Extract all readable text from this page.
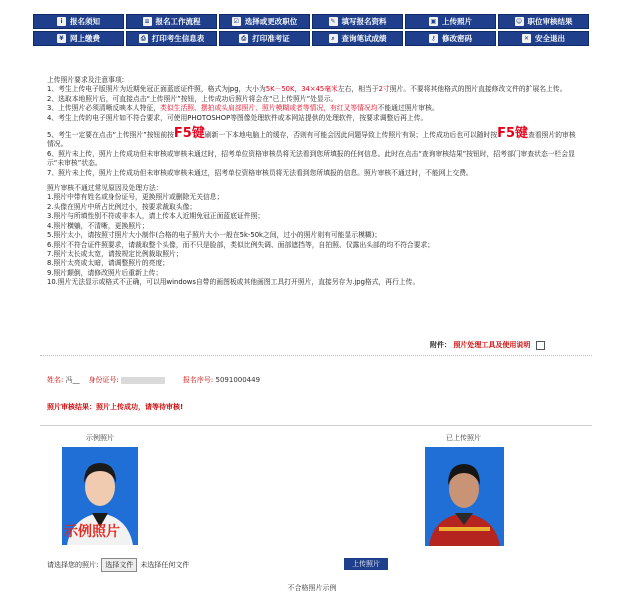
i 报名须知	≡ 报名工作流程	☑ 选择或更改职位	✎ 填写报名资料	▣ 上传照片	☺ 职位审核结果
¥ 网上缴费	⎙ 打印考生信息表	⎙ 打印准考证	⌕ 查询笔试成绩	⚷ 修改密码	✕ 安全退出

上传照片要求及注意事项:

1、考生上传电子版照片为近期免冠正面蓝底证件照，格式为jpg，大小为5K－50K，34×45毫米左右，相当于2寸照片。不要将其他格式的图片直接修改文件的扩展名上传。

2、选取本地照片后，可直接点击“上传照片”按钮，上传成功后照片将会在“已上传照片”处显示。

3、上传照片必须清晰反映本人特征，类似生活照、摆拍或头肩部照片、照片模糊或者等情况，有红叉等情况均不能通过照片审核。

4、考生上传的电子照片如不符合要求，可使用PHOTOSHOP等图像处理软件或本网站提供的处理软件，按要求调整后再上传。

5、考生一定要在点击“上传照片”按钮前按F5键刷新一下本地电脑上的缓存，否则有可能会因此问题导致上传照片有误；上传成功后也可以随时按F5键查看照片的审核情况。

6、照片未上传，照片上传成功但未审核或审核未通过时，招考单位资格审核员将无法看到您所填报的任何信息。此时在点击“查询审核结果”按钮时，招考部门审查状态一栏会显示“未审核”状态。

7、照片未上传，照片上传成功但未审核或审核未通过，招考单位资格审核员将无法看到您所填报的信息。照片审核不通过时，不能网上交费。

照片审核不通过常见原因及处理方法：

1.照片中带有姓名或身份证号，更换照片或删除无关信息；

2.头像在照片中所占比例过小，按要求裁取头像；

3.照片与所填性别不符或非本人，请上传本人近期免冠正面蓝底证件照；

4.照片横躺，不清晰，更换照片；

5.照片太小，请按照寸照片大小制作(合格的电子照片大小一般在5k-50k之间，过小的照片则有可能显示模糊)；

6.照片不符合证件照要求，请裁取整个头像，而不只是脸部，类似比例失调、面部遮挡等，自拍照、仅露出头部的均不符合要求；

7.照片太长或太宽，请按规定比例裁取照片；

8.照片太亮或太暗，请调整照片的亮度；

9.照片颠倒，请修改照片后重新上传；

10.照片无法显示或格式不正确，可以用windows自带的画图板或其他画图工具打开照片，直接另存为.jpg格式，再行上传。

附件： 照片处理工具及使用说明
姓名: 冯__ 身份证号:	报名序号: 5091000449
照片审核结果：照片上传成功，请等待审核!
示例照片	已上传照片
示例照片
请选择您的照片:	选择文件	未选择任何文件	上传照片
不合格照片示例
